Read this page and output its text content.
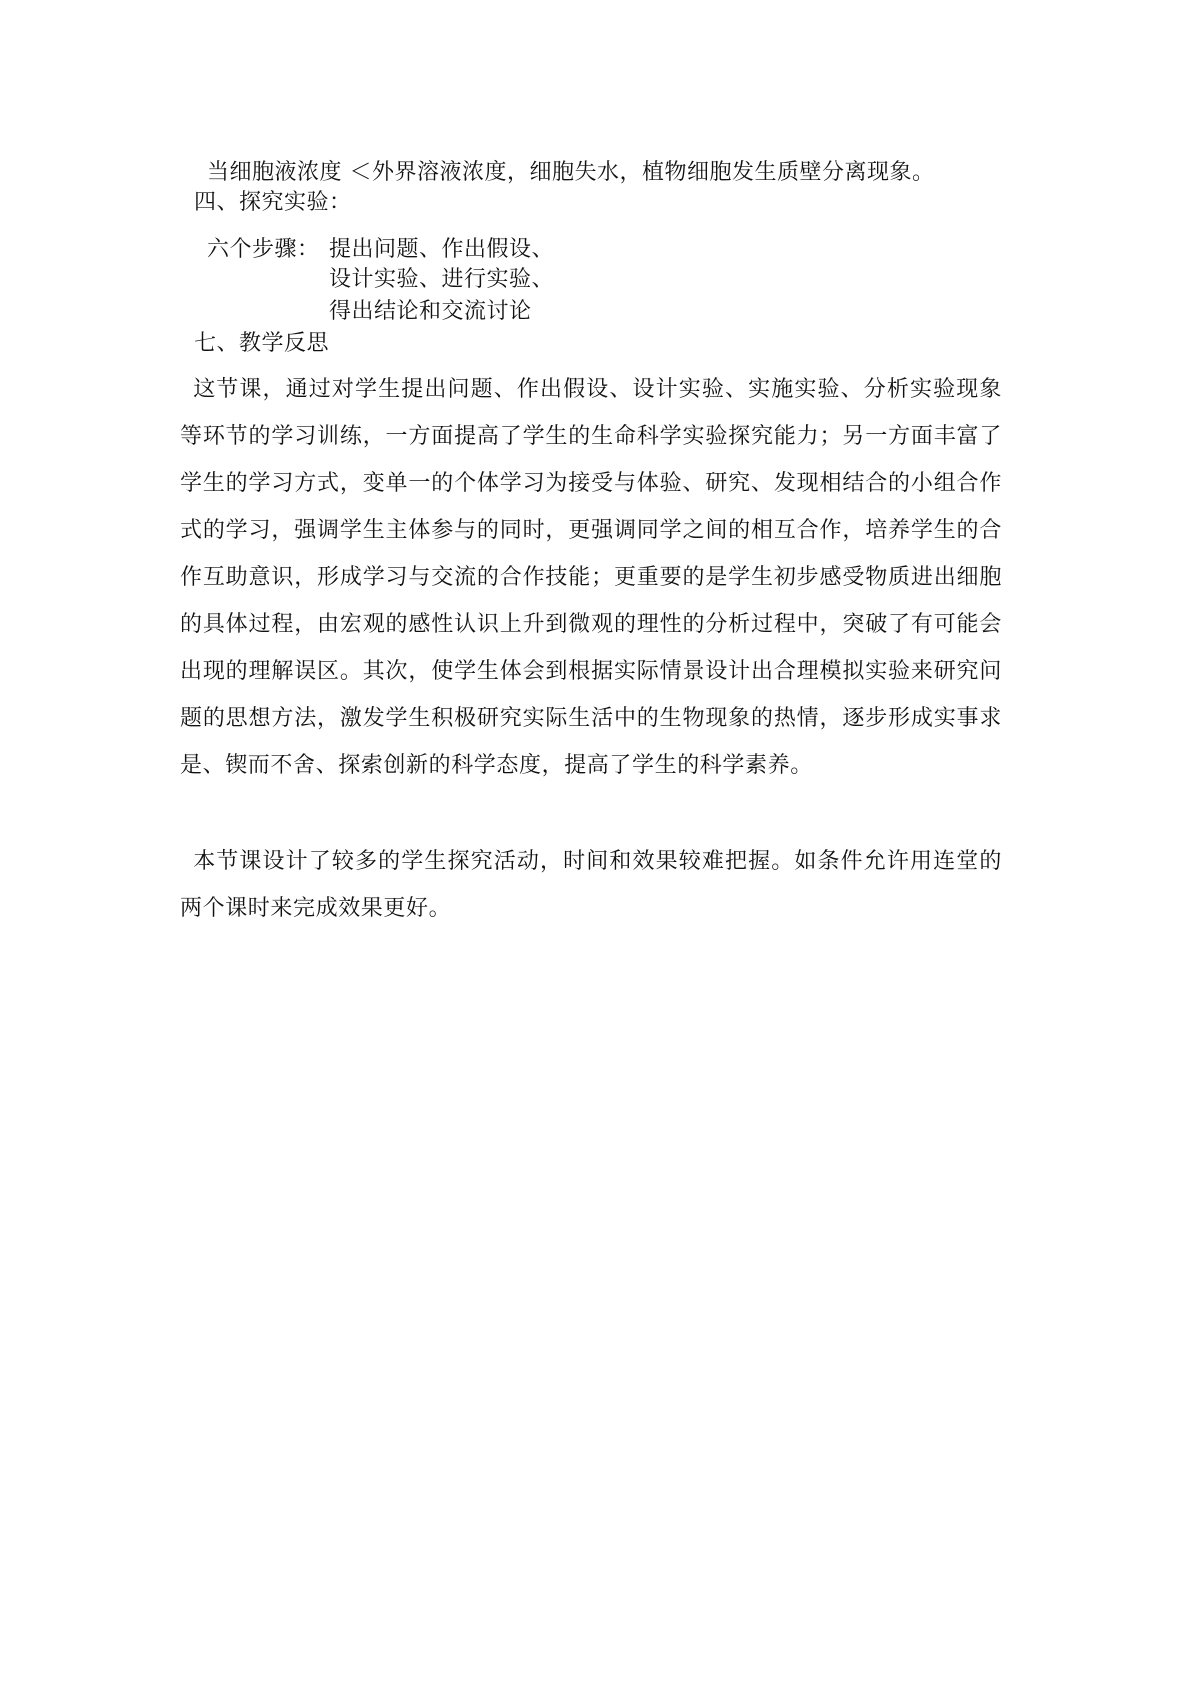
当细胞液浓度 ＜外界溶液浓度，细胞失水，植物细胞发生质壁分离现象。
四、探究实验：
六个步骤： 提出问题、作出假设、
设计实验、进行实验、
得出结论和交流讨论
七、教学反思
这节课，通过对学生提出问题、作出假设、设计实验、实施实验、分析实验现象等环节的学习训练，一方面提高了学生的生命科学实验探究能力；另一方面丰富了学生的学习方式，变单一的个体学习为接受与体验、研究、发现相结合的小组合作式的学习，强调学生主体参与的同时，更强调同学之间的相互合作，培养学生的合作互助意识，形成学习与交流的合作技能；更重要的是学生初步感受物质进出细胞的具体过程，由宏观的感性认识上升到微观的理性的分析过程中，突破了有可能会出现的理解误区。其次，使学生体会到根据实际情景设计出合理模拟实验来研究问题的思想方法，激发学生积极研究实际生活中的生物现象的热情，逐步形成实事求是、锲而不舍、探索创新的科学态度，提高了学生的科学素养。
本节课设计了较多的学生探究活动，时间和效果较难把握。如条件允许用连堂的两个课时来完成效果更好。
